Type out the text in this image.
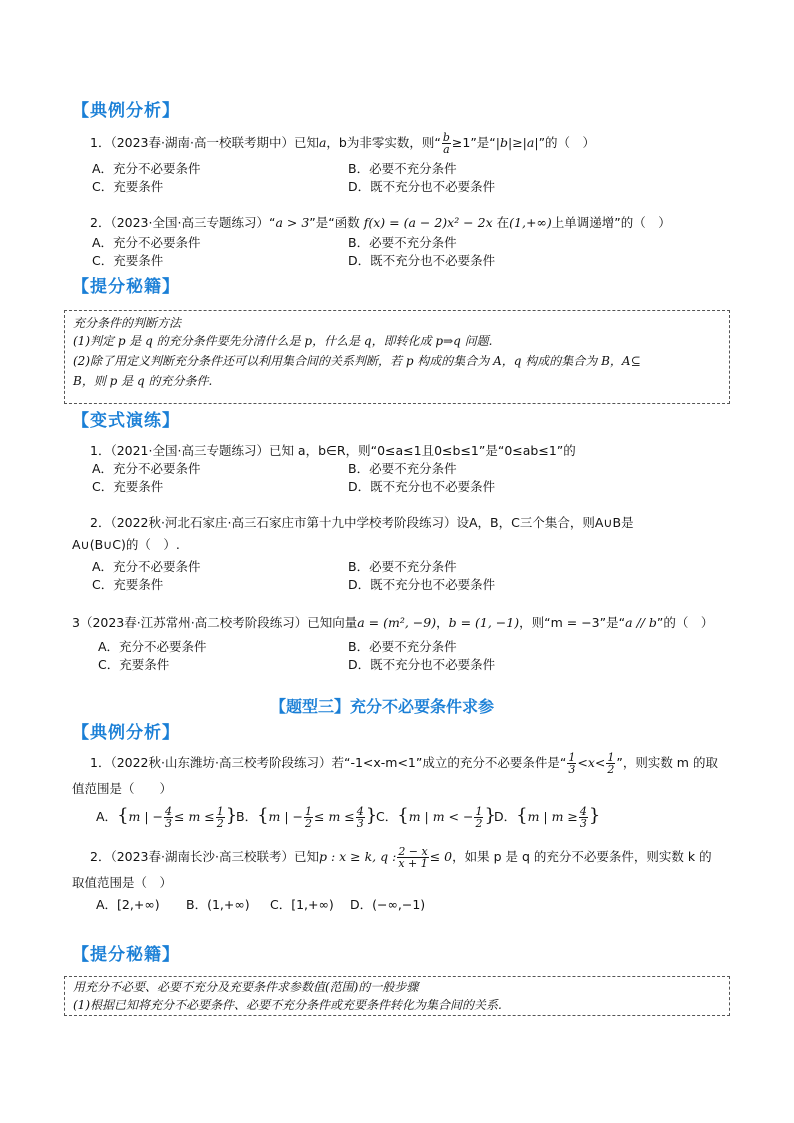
【典例分析】
1．（2023春·湖南·高一校联考期中）已知a，b为非零实数，则“ $\frac{b}{a} \ge 1$”是“|b|≥|a|”的（　）
A．充分不必要条件	B．必要不充分条件
C．充要条件	D．既不充分也不必要条件
2．（2023·全国·高三专题练习）“a > 3”是“函数 f(x) = (a − 2)x² − 2x 在(1,+∞)上单调递增”的（　）
A．充分不必要条件	B．必要不充分条件
C．充要条件	D．既不充分也不必要条件
【提分秘籍】
充分条件的判断方法
(1)判定 p 是 q 的充分条件要先分清什么是 p，什么是 q，即转化成 p⇒q 问题.
(2)除了用定义判断充分条件还可以利用集合间的关系判断，若 p 构成的集合为 A，q 构成的集合为 B，A⊆
B，则 p 是 q 的充分条件.
【变式演练】
1．（2021·全国·高三专题练习）已知 a，b∈R，则“0≤a≤1且0≤b≤1”是“0≤ab≤1”的
A．充分不必要条件	B．必要不充分条件
C．充要条件	D．既不充分也不必要条件
2．（2022秋·河北石家庄·高三石家庄市第十九中学校考阶段练习）设A，B，C三个集合，则A∪B是
A∪(B∪C)的（　）.
A．充分不必要条件	B．必要不充分条件
C．充要条件	D．既不充分也不必要条件
3（2023春·江苏常州·高二校考阶段练习）已知向量a = (m², −9)，b = (1, −1)，则“m = −3”是“a // b”的（　）
A．充分不必要条件	B．必要不充分条件
C．充要条件	D．既不充分也不必要条件
【题型三】充分不必要条件求参
【典例分析】
1．（2022秋·山东潍坊·高三校考阶段练习）若“-1<x-m<1”成立的充分不必要条件是“ $\frac{1}{3} <x< \frac{1}{2}$ ”，则实数 m 的取
值范围是（　　）
A．{m | − $\frac{4}{3} \le m \le \frac{1}{2}$ }
B．{m | − $\frac{1}{2} \le m \le \frac{4}{3}$ }
C．{m | m < − $\frac{1}{2}$ }
D．{m | $m \ge \frac{4}{3}$ }
2．（2023春·湖南长沙·高三校联考）已知p : x ≥ k, q : $\frac{2 - x}{x + 1} \le 0$，如果 p 是 q 的充分不必要条件，则实数 k 的
取值范围是（　）
A．[2,+∞) B．(1,+∞) C．[1,+∞) D．(−∞,−1)
【提分秘籍】
用充分不必要、必要不充分及充要条件求参数值(范围)的一般步骤
(1)根据已知将充分不必要条件、必要不充分条件或充要条件转化为集合间的关系.
